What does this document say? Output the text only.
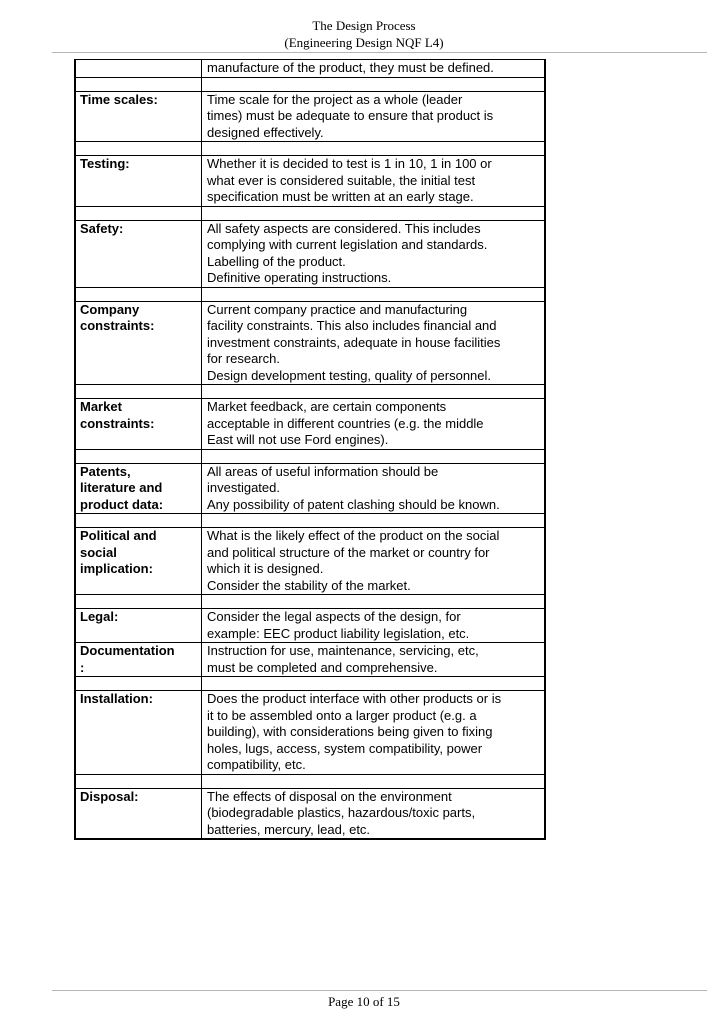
The Design Process
(Engineering Design NQF L4)

	manufacture of the product, they must be defined.

Time scales:	Time scale for the project as a whole (leader
times) must be adequate to ensure that product is
designed effectively.

Testing:	Whether it is decided to test is 1 in 10, 1 in 100 or
what ever is considered suitable, the initial test
specification must be written at an early stage.

Safety:	All safety aspects are considered. This includes
complying with current legislation and standards.
Labelling of the product.
Definitive operating instructions.

Company
constraints:	Current company practice and manufacturing
facility constraints. This also includes financial and
investment constraints, adequate in house facilities
for research.
Design development testing, quality of personnel.

Market
constraints:	Market feedback, are certain components
acceptable in different countries (e.g. the middle
East will not use Ford engines).

Patents,
literature and
product data:	All areas of useful information should be
investigated.
Any possibility of patent clashing should be known.

Political and
social
implication:	What is the likely effect of the product on the social
and political structure of the market or country for
which it is designed.
Consider the stability of the market.

Legal:	Consider the legal aspects of the design, for
example: EEC product liability legislation, etc.

Documentation
:	Instruction for use, maintenance, servicing, etc,
must be completed and comprehensive.

Installation:	Does the product interface with other products or is
it to be assembled onto a larger product (e.g. a
building), with considerations being given to fixing
holes, lugs, access, system compatibility, power
compatibility, etc.

Disposal:	The effects of disposal on the environment
(biodegradable plastics, hazardous/toxic parts,
batteries, mercury, lead, etc.
Page 10 of 15
